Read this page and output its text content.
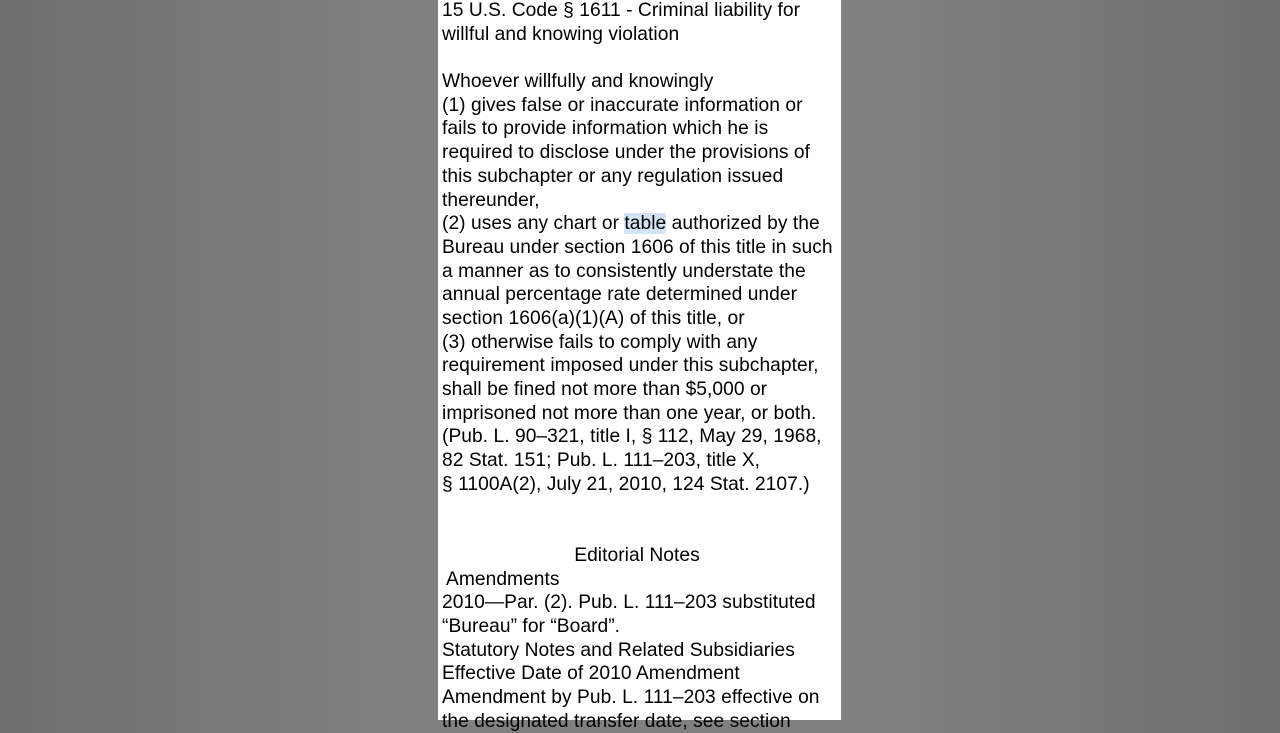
15 U.S. Code § 1611 - Criminal liability for
willful and knowing violation
Whoever willfully and knowingly
(1) gives false or inaccurate information or
fails to provide information which he is
required to disclose under the provisions of
this subchapter or any regulation issued
thereunder,
(2) uses any chart or table authorized by the
Bureau under section 1606 of this title in such
a manner as to consistently understate the
annual percentage rate determined under
section 1606(a)(1)(A) of this title, or
(3) otherwise fails to comply with any
requirement imposed under this subchapter,
shall be fined not more than $5,000 or
imprisoned not more than one year, or both.
(Pub. L. 90–321, title I, § 112, May 29, 1968,
82 Stat. 151; Pub. L. 111–203, title X,
§ 1100A(2), July 21, 2010, 124 Stat. 2107.)
Editorial Notes
Amendments
2010—Par. (2). Pub. L. 111–203 substituted
“Bureau” for “Board”.
Statutory Notes and Related Subsidiaries
Effective Date of 2010 Amendment
Amendment by Pub. L. 111–203 effective on
the designated transfer date, see section
